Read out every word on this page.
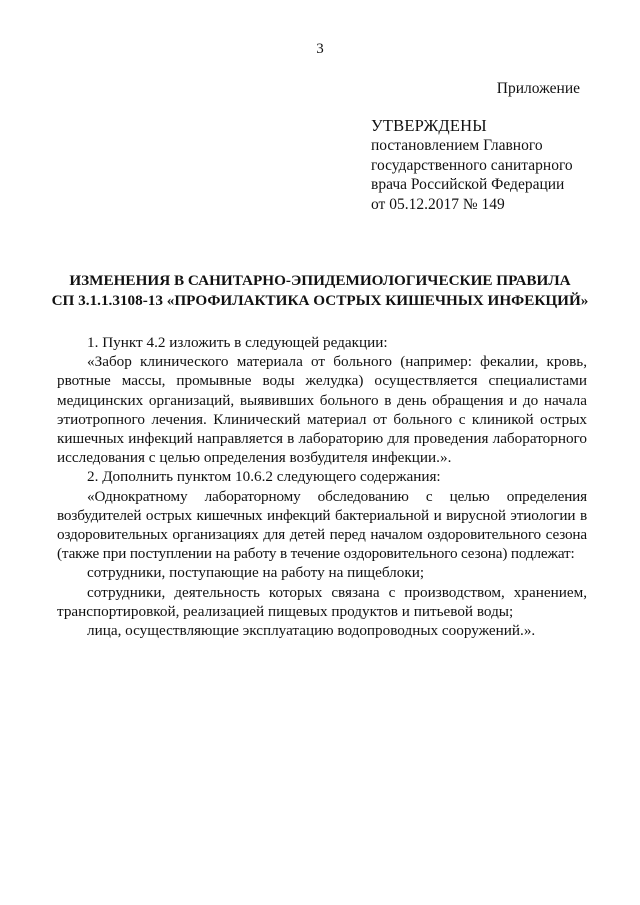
3
Приложение
УТВЕРЖДЕНЫ
постановлением Главного
государственного санитарного
врача Российской Федерации
от 05.12.2017 № 149
ИЗМЕНЕНИЯ В САНИТАРНО-ЭПИДЕМИОЛОГИЧЕСКИЕ ПРАВИЛА
СП 3.1.1.3108-13 «ПРОФИЛАКТИКА ОСТРЫХ КИШЕЧНЫХ ИНФЕКЦИЙ»

1. Пункт 4.2 изложить в следующей редакции:

«Забор клинического материала от больного (например: фекалии, кровь, рвотные массы, промывные воды желудка) осуществляется специалистами медицинских организаций, выявивших больного в день обращения и до начала этиотропного лечения. Клинический материал от больного с клиникой острых кишечных инфекций направляется в лабораторию для проведения лабораторного исследования с целью определения возбудителя инфекции.».

2. Дополнить пунктом 10.6.2 следующего содержания:

«Однократному лабораторному обследованию с целью определения возбудителей острых кишечных инфекций бактериальной и вирусной этиологии в оздоровительных организациях для детей перед началом оздоровительного сезона (также при поступлении на работу в течение оздоровительного сезона) подлежат:

сотрудники, поступающие на работу на пищеблоки;

сотрудники, деятельность которых связана с производством, хранением, транспортировкой, реализацией пищевых продуктов и питьевой воды;

лица, осуществляющие эксплуатацию водопроводных сооружений.».
